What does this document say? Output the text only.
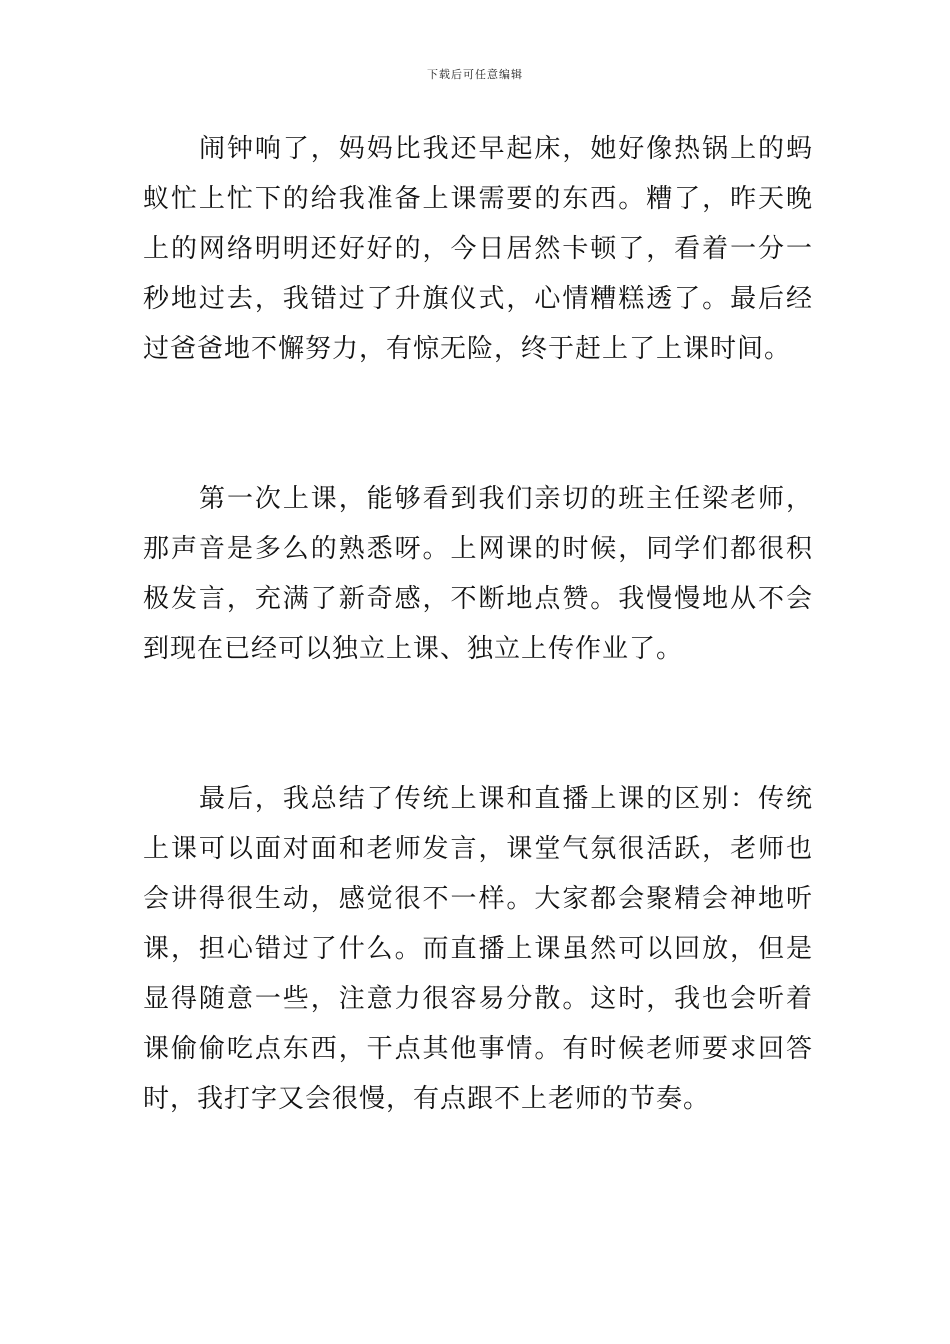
下载后可任意编辑

闹钟响了，妈妈比我还早起床，她好像热锅上的蚂蚁忙上忙下的给我准备上课需要的东西。糟了，昨天晚上的网络明明还好好的，今日居然卡顿了，看着一分一秒地过去，我错过了升旗仪式，心情糟糕透了。最后经过爸爸地不懈努力，有惊无险，终于赶上了上课时间。

第一次上课，能够看到我们亲切的班主任梁老师，那声音是多么的熟悉呀。上网课的时候，同学们都很积极发言，充满了新奇感，不断地点赞。我慢慢地从不会到现在已经可以独立上课、独立上传作业了。

最后，我总结了传统上课和直播上课的区别：传统上课可以面对面和老师发言，课堂气氛很活跃，老师也会讲得很生动，感觉很不一样。大家都会聚精会神地听课，担心错过了什么。而直播上课虽然可以回放，但是显得随意一些，注意力很容易分散。这时，我也会听着课偷偷吃点东西，干点其他事情。有时候老师要求回答时，我打字又会很慢，有点跟不上老师的节奏。
